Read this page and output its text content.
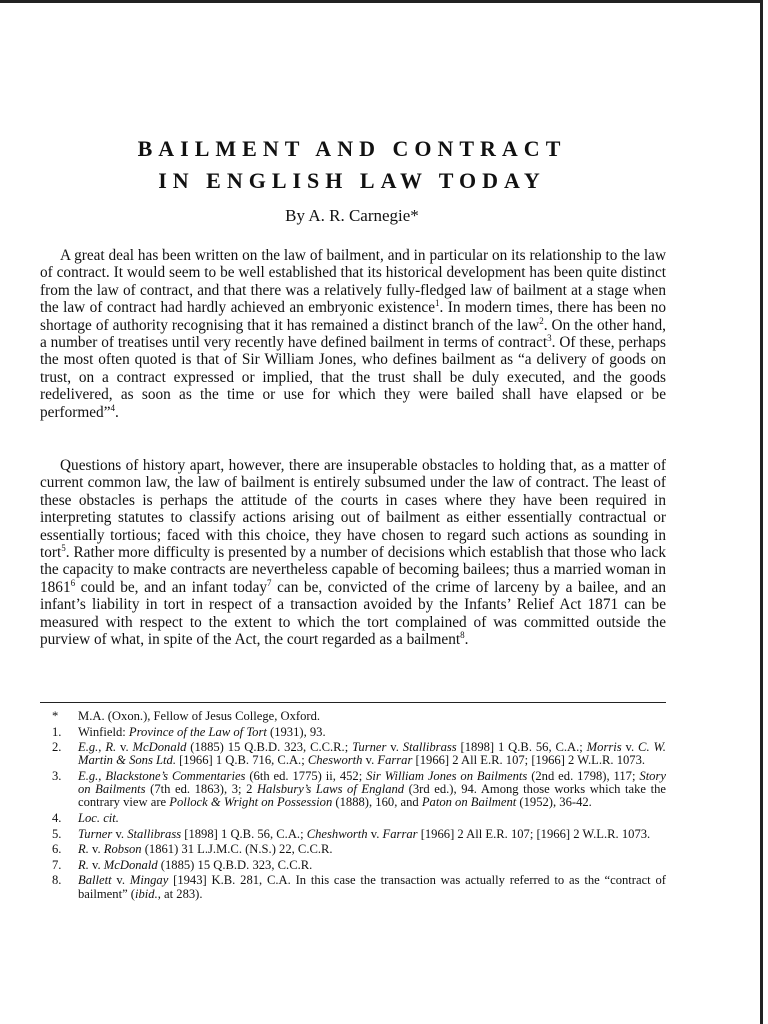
BAILMENT AND CONTRACT
IN ENGLISH LAW TODAY
By A. R. Carnegie*

A great deal has been written on the law of bailment, and in particular on its relationship to the law of contract. It would seem to be well established that its historical development has been quite distinct from the law of contract, and that there was a relatively fully-fledged law of bailment at a stage when the law of contract had hardly achieved an embryonic existence$^1$. In modern times, there has been no shortage of authority recognising that it has remained a distinct branch of the law$^2$. On the other hand, a number of treatises until very recently have defined bailment in terms of contract$^3$. Of these, perhaps the most often quoted is that of Sir William Jones, who defines bailment as “a delivery of goods on trust, on a contract expressed or implied, that the trust shall be duly executed, and the goods redelivered, as soon as the time or use for which they were bailed shall have elapsed or be performed”$^4$.

Questions of history apart, however, there are insuperable obstacles to holding that, as a matter of current common law, the law of bailment is entirely subsumed under the law of contract. The least of these obstacles is perhaps the attitude of the courts in cases where they have been required in interpreting statutes to classify actions arising out of bailment as either essentially contractual or essentially tortious; faced with this choice, they have chosen to regard such actions as sounding in tort$^5$. Rather more difficulty is presented by a number of decisions which establish that those who lack the capacity to make contracts are nevertheless capable of becoming bailees; thus a married woman in 1861$^6$ could be, and an infant today$^7$ can be, convicted of the crime of larceny by a bailee, and an infant’s liability in tort in respect of a transaction avoided by the Infants’ Relief Act 1871 can be measured with respect to the extent to which the tort complained of was committed outside the purview of what, in spite of the Act, the court regarded as a bailment$^8$.

*	M.A. (Oxon.), Fellow of Jesus College, Oxford.
1.	Winfield: Province of the Law of Tort (1931), 93.
2.	E.g., R. v. McDonald (1885) 15 Q.B.D. 323, C.C.R.; Turner v. Stallibrass [1898] 1 Q.B. 56, C.A.; Morris v. C. W. Martin & Sons Ltd. [1966] 1 Q.B. 716, C.A.; Chesworth v. Farrar [1966] 2 All E.R. 107; [1966] 2 W.L.R. 1073.
3.	E.g., Blackstone’s Commentaries (6th ed. 1775) ii, 452; Sir William Jones on Bailments (2nd ed. 1798), 117; Story on Bailments (7th ed. 1863), 3; 2 Halsbury’s Laws of England (3rd ed.), 94. Among those works which take the contrary view are Pollock & Wright on Possession (1888), 160, and Paton on Bailment (1952), 36-42.
4.	Loc. cit.
5.	Turner v. Stallibrass [1898] 1 Q.B. 56, C.A.; Cheshworth v. Farrar [1966] 2 All E.R. 107; [1966] 2 W.L.R. 1073.
6.	R. v. Robson (1861) 31 L.J.M.C. (N.S.) 22, C.C.R.
7.	R. v. McDonald (1885) 15 Q.B.D. 323, C.C.R.
8.	Ballett v. Mingay [1943] K.B. 281, C.A. In this case the transaction was actually referred to as the “contract of bailment” (ibid., at 283).
